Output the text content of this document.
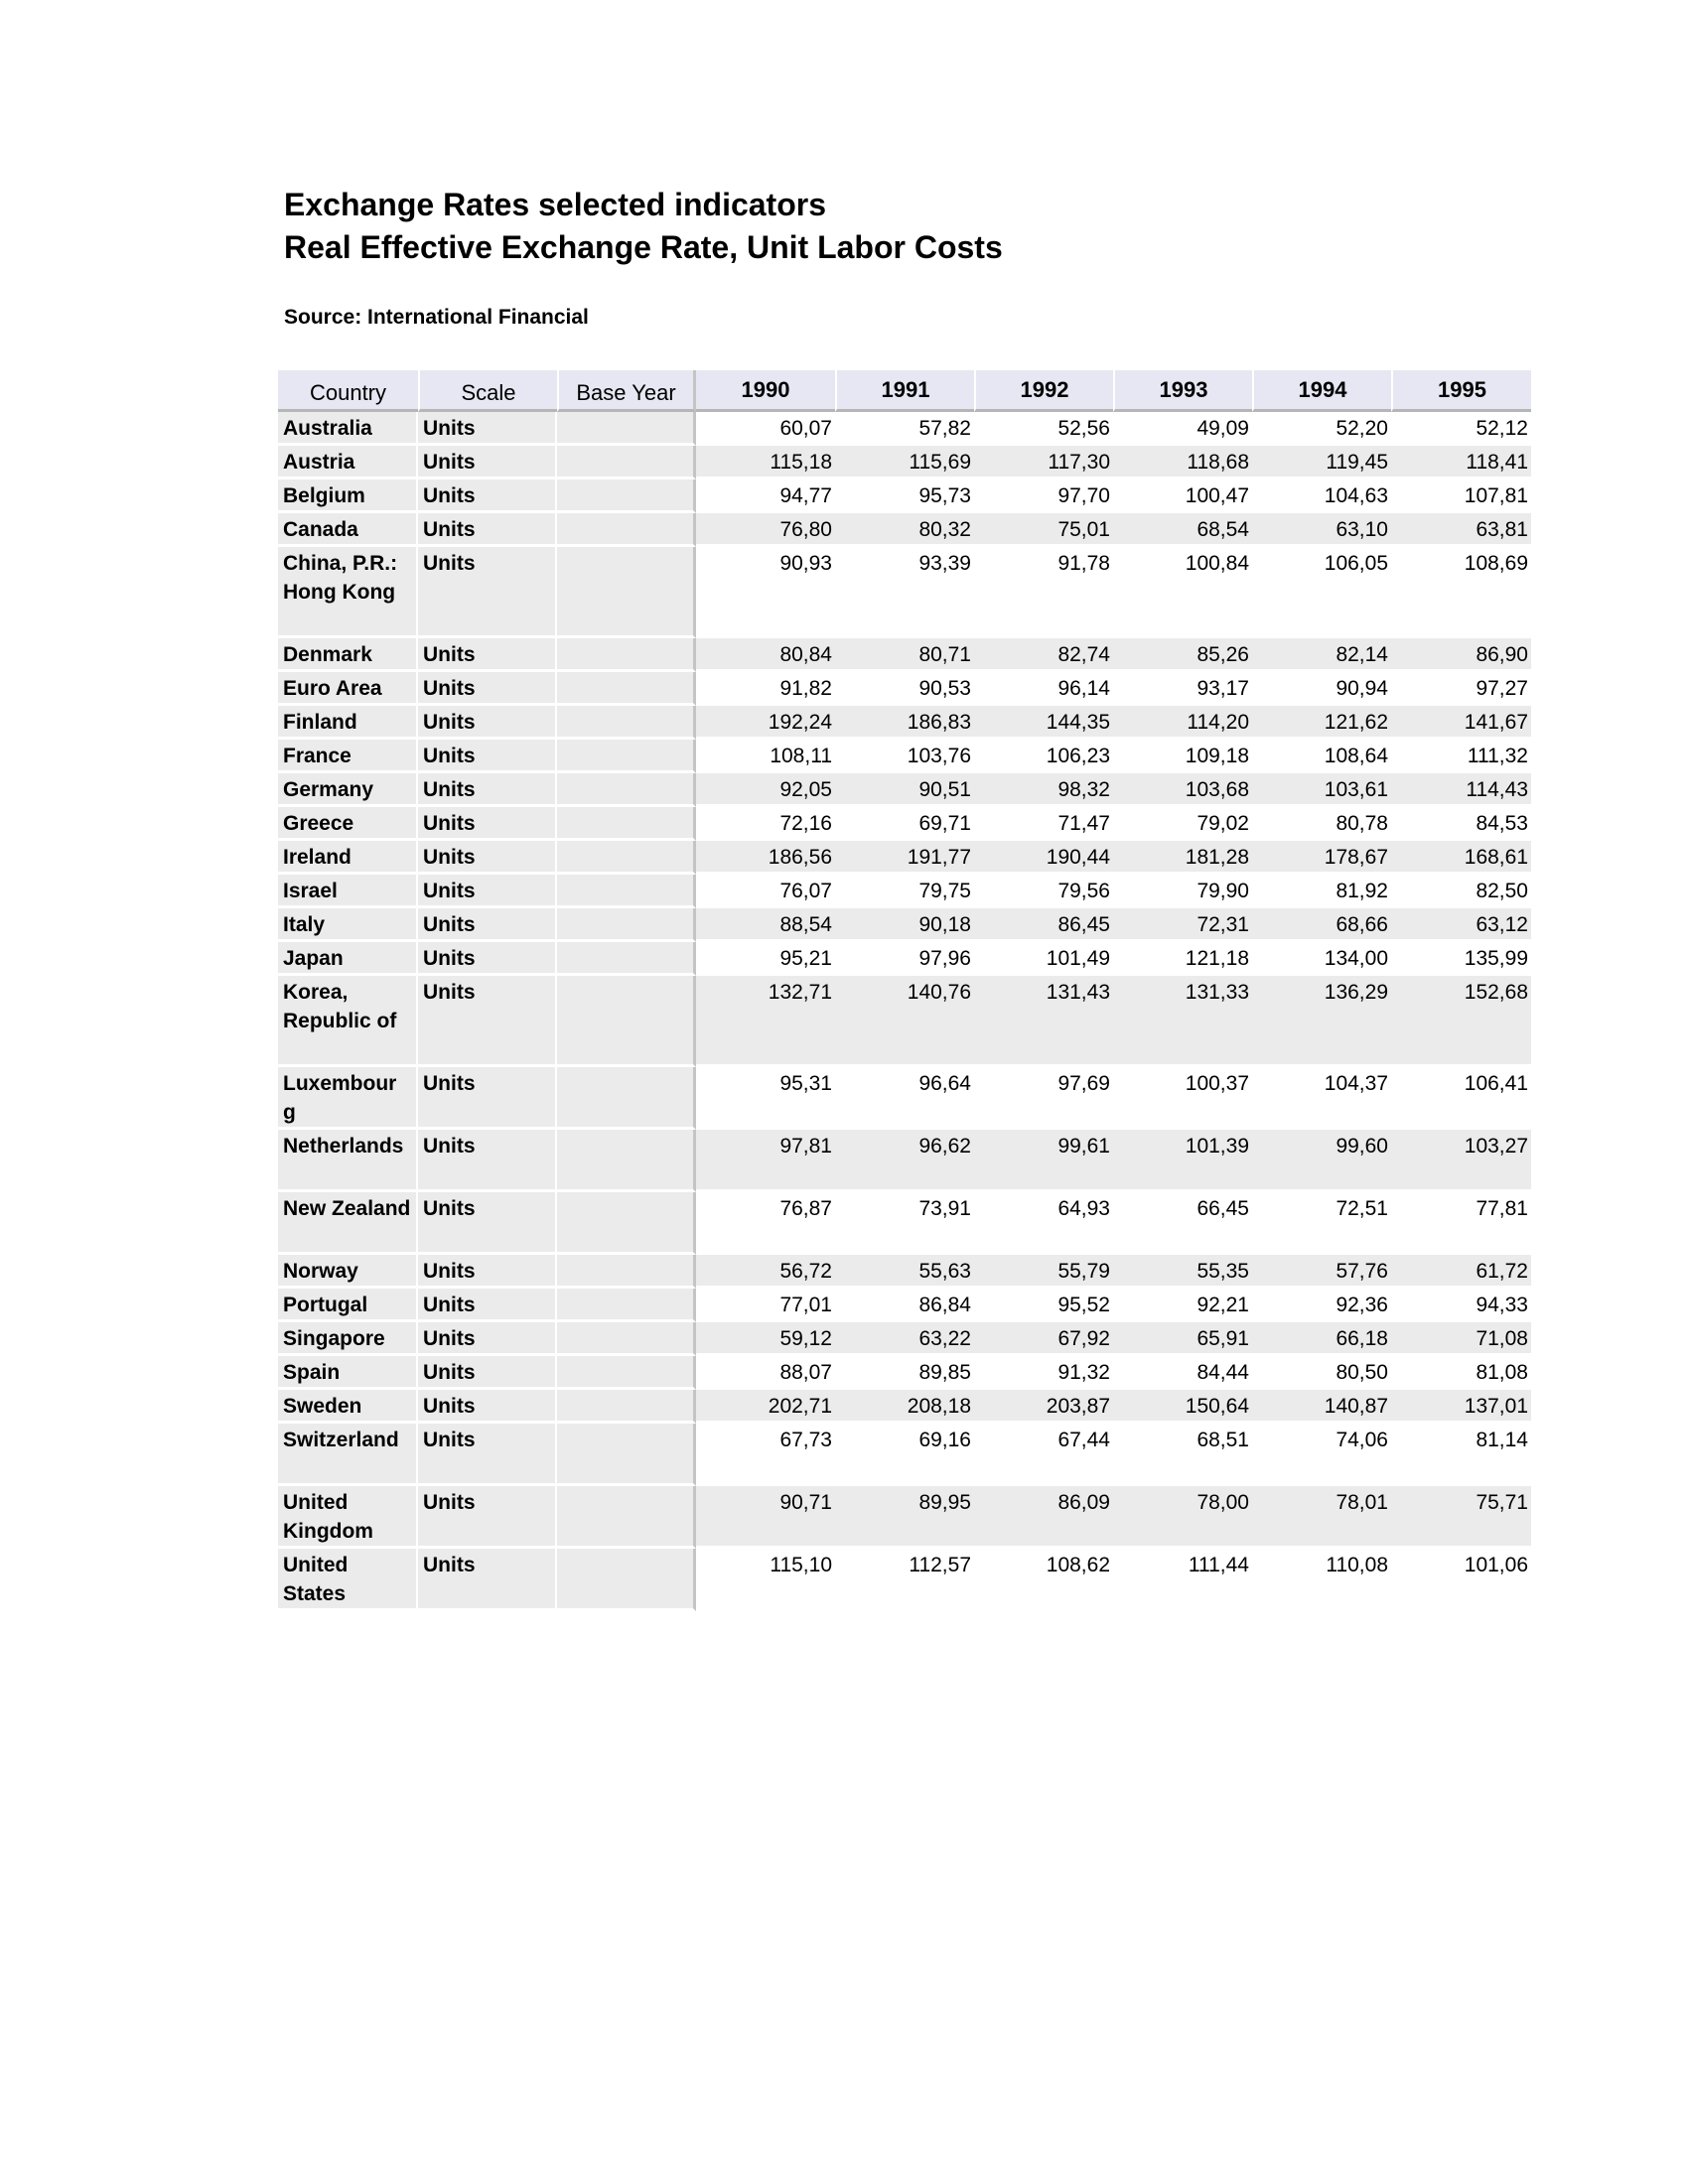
Exchange Rates selected indicators

Real Effective Exchange Rate, Unit Labor Costs

Source: International Financial
Country	Scale	Base Year	1990	1991	1992	1993	1994	1995
Australia	Units		60,07	57,82	52,56	49,09	52,20	52,12
Austria	Units		115,18	115,69	117,30	118,68	119,45	118,41
Belgium	Units		94,77	95,73	97,70	100,47	104,63	107,81
Canada	Units		76,80	80,32	75,01	68,54	63,10	63,81
China, P.R.: Hong Kong	Units		90,93	93,39	91,78	100,84	106,05	108,69
Denmark	Units		80,84	80,71	82,74	85,26	82,14	86,90
Euro Area	Units		91,82	90,53	96,14	93,17	90,94	97,27
Finland	Units		192,24	186,83	144,35	114,20	121,62	141,67
France	Units		108,11	103,76	106,23	109,18	108,64	111,32
Germany	Units		92,05	90,51	98,32	103,68	103,61	114,43
Greece	Units		72,16	69,71	71,47	79,02	80,78	84,53
Ireland	Units		186,56	191,77	190,44	181,28	178,67	168,61
Israel	Units		76,07	79,75	79,56	79,90	81,92	82,50
Italy	Units		88,54	90,18	86,45	72,31	68,66	63,12
Japan	Units		95,21	97,96	101,49	121,18	134,00	135,99
Korea, Republic of	Units		132,71	140,76	131,43	131,33	136,29	152,68
Luxembour g	Units		95,31	96,64	97,69	100,37	104,37	106,41
Netherlands	Units		97,81	96,62	99,61	101,39	99,60	103,27
New Zealand	Units		76,87	73,91	64,93	66,45	72,51	77,81
Norway	Units		56,72	55,63	55,79	55,35	57,76	61,72
Portugal	Units		77,01	86,84	95,52	92,21	92,36	94,33
Singapore	Units		59,12	63,22	67,92	65,91	66,18	71,08
Spain	Units		88,07	89,85	91,32	84,44	80,50	81,08
Sweden	Units		202,71	208,18	203,87	150,64	140,87	137,01
Switzerland	Units		67,73	69,16	67,44	68,51	74,06	81,14
United Kingdom	Units		90,71	89,95	86,09	78,00	78,01	75,71
United States	Units		115,10	112,57	108,62	111,44	110,08	101,06
